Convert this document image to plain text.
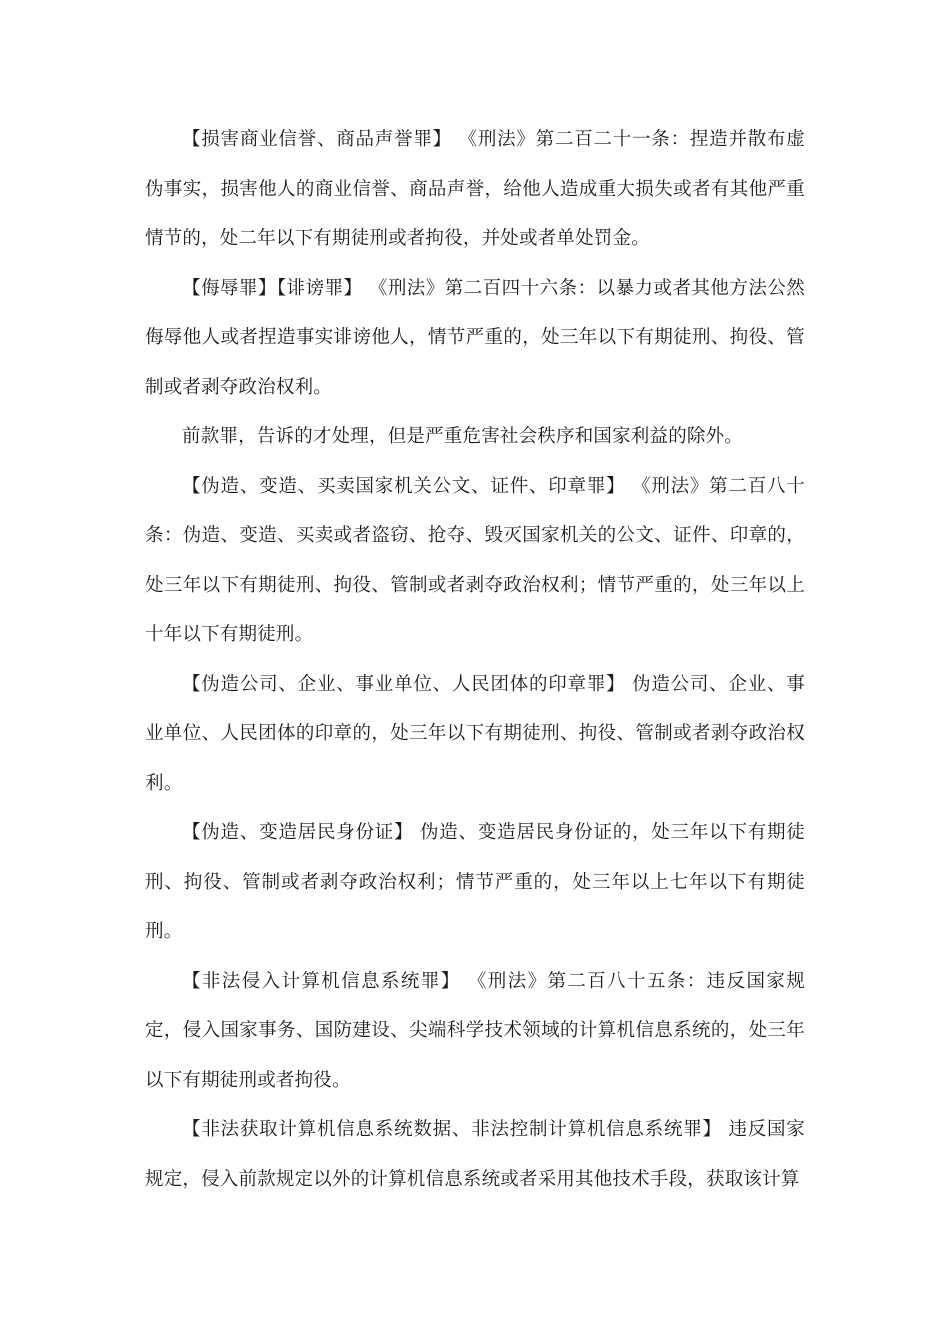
【损害商业信誉、商品声誉罪】 《刑法》第二百二十一条：捏造并散布虚伪事实，损害他人的商业信誉、商品声誉，给他人造成重大损失或者有其他严重情节的，处二年以下有期徒刑或者拘役，并处或者单处罚金。

【侮辱罪】【诽谤罪】 《刑法》第二百四十六条：以暴力或者其他方法公然侮辱他人或者捏造事实诽谤他人，情节严重的，处三年以下有期徒刑、拘役、管制或者剥夺政治权利。

前款罪，告诉的才处理，但是严重危害社会秩序和国家利益的除外。

【伪造、变造、买卖国家机关公文、证件、印章罪】 《刑法》第二百八十条：伪造、变造、买卖或者盗窃、抢夺、毁灭国家机关的公文、证件、印章的，处三年以下有期徒刑、拘役、管制或者剥夺政治权利；情节严重的，处三年以上十年以下有期徒刑。

【伪造公司、企业、事业单位、人民团体的印章罪】 伪造公司、企业、事业单位、人民团体的印章的，处三年以下有期徒刑、拘役、管制或者剥夺政治权利。

【伪造、变造居民身份证】 伪造、变造居民身份证的，处三年以下有期徒刑、拘役、管制或者剥夺政治权利；情节严重的，处三年以上七年以下有期徒刑。

【非法侵入计算机信息系统罪】 《刑法》第二百八十五条：违反国家规定，侵入国家事务、国防建设、尖端科学技术领域的计算机信息系统的，处三年以下有期徒刑或者拘役。

【非法获取计算机信息系统数据、非法控制计算机信息系统罪】 违反国家规定，侵入前款规定以外的计算机信息系统或者采用其他技术手段，获取该计算
